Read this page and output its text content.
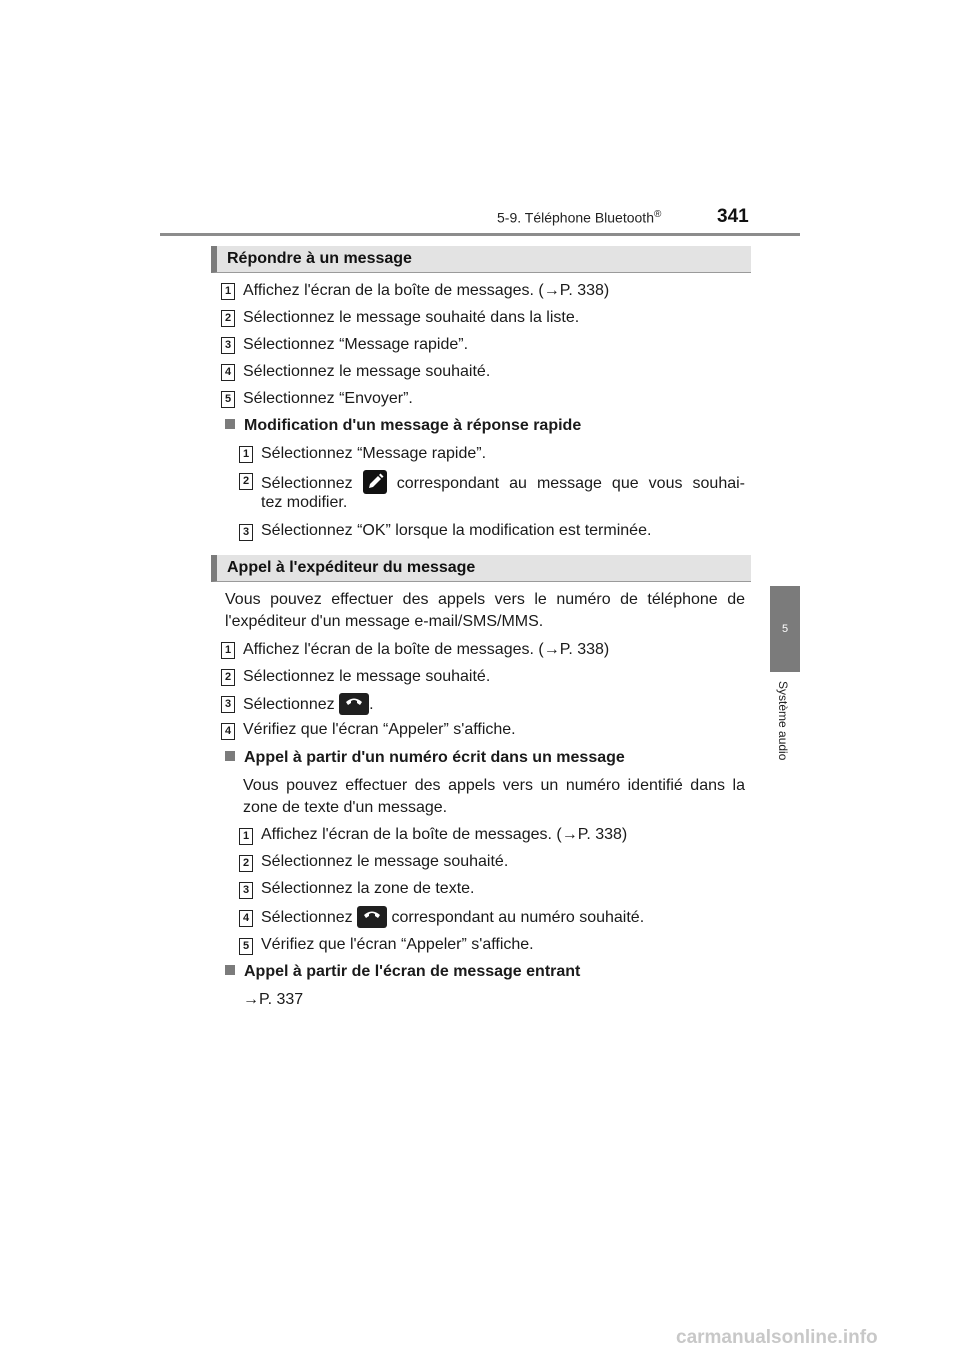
5-9. Téléphone Bluetooth®	341
5
Système audio
Répondre à un message
1 Affichez l'écran de la boîte de messages. (→P. 338)
2 Sélectionnez le message souhaité dans la liste.
3 Sélectionnez “Message rapide”.
4 Sélectionnez le message souhaité.
5 Sélectionnez “Envoyer”.
Modification d'un message à réponse rapide
1 Sélectionnez “Message rapide”.
2 Sélectionnez	correspondant au message que vous souhai-
tez modifier.
3 Sélectionnez “OK” lorsque la modification est terminée.
Appel à l'expéditeur du message
Vous pouvez effectuer des appels vers le numéro de téléphone de
l'expéditeur d'un message e-mail/SMS/MMS.
1 Affichez l'écran de la boîte de messages. (→P. 338)
2 Sélectionnez le message souhaité.
3 Sélectionnez .
4 Vérifiez que l'écran “Appeler” s'affiche.
Appel à partir d'un numéro écrit dans un message
Vous pouvez effectuer des appels vers un numéro identifié dans la
zone de texte d'un message.
1 Affichez l'écran de la boîte de messages. (→P. 338)
2 Sélectionnez le message souhaité.
3 Sélectionnez la zone de texte.
4 Sélectionnez correspondant au numéro souhaité.
5 Vérifiez que l'écran “Appeler” s'affiche.
Appel à partir de l'écran de message entrant
→P. 337
carmanualsonline.info
